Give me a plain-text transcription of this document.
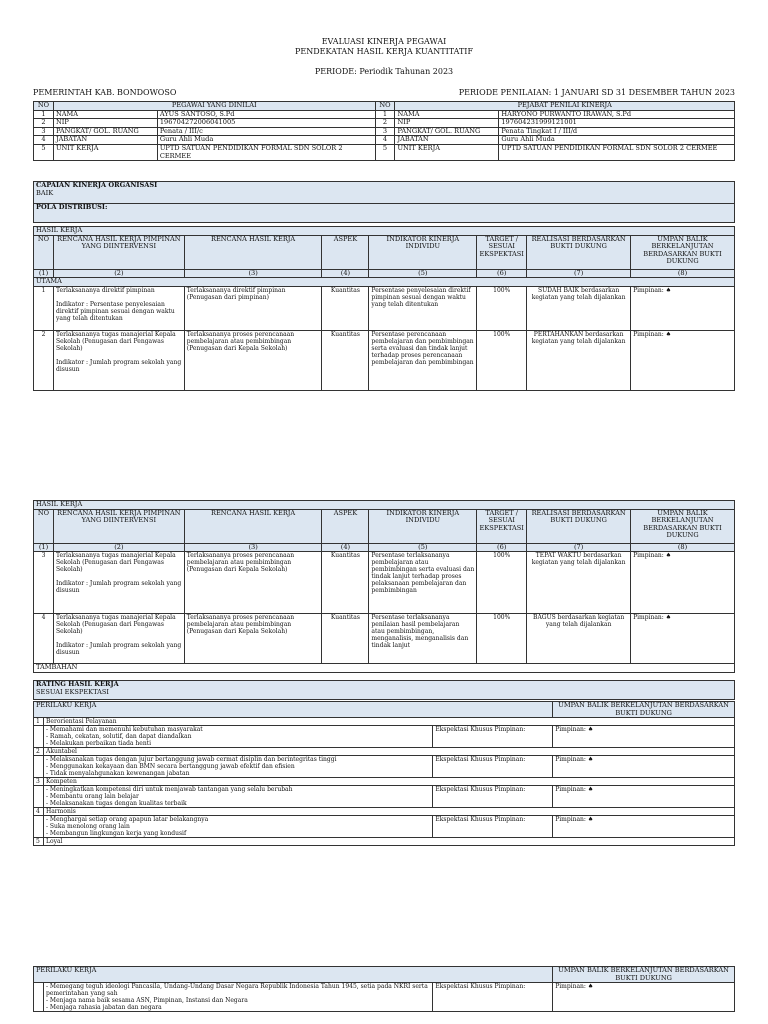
EVALUASI KINERJA PEGAWAI
PENDEKATAN HASIL KERJA KUANTITATIF
PERIODE: Periodik Tahunan 2023
PEMERINTAH KAB. BONDOWOSO	PERIODE PENILAIAN: 1 JANUARI SD 31 DESEMBER TAHUN 2023
NO	PEGAWAI YANG DINILAI		NO	PEJABAT PENILAI KINERJA	
1	NAMA	AYUS SANTOSO, S.Pd	1	NAMA	HARYONO PURWANTO IRAWAN, S.Pd
2	NIP	196704272006041005	2	NIP	197604231999121001
3	PANGKAT/ GOL. RUANG	Penata / III/c	3	PANGKAT/ GOL. RUANG	Penata Tingkat I / III/d
4	JABATAN	Guru Ahli Muda	4	JABATAN	Guru Ahli Muda
5	UNIT KERJA	UPTD SATUAN PENDIDIKAN FORMAL SDN SOLOR 2 CERMEE	5	UNIT KERJA	UPTD SATUAN PENDIDIKAN FORMAL SDN SOLOR 2 CERMEE
CAPAIAN KINERJA ORGANISASI
BAIK

POLA DISTRIBUSI:
HASIL KERJA							
NO	RENCANA HASIL KERJA PIMPINAN YANG DIINTERVENSI	RENCANA HASIL KERJA	ASPEK	INDIKATOR KINERJA INDIVIDU	TARGET / SESUAI EKSPEKTASI	REALISASI BERDASARKAN BUKTI DUKUNG	UMPAN BALIK BERKELANJUTAN BERDASARKAN BUKTI DUKUNG
(1)	(2)	(3)	(4)	(5)	(6)	(7)	(8)
UTAMA							
1	Terlaksananya direktif pimpinan
Indikator : Persentase penyelesaian direktif pimpinan sesuai dengan waktu yang telah ditentukan	Terlaksananya direktif pimpinan (Penugasan dari pimpinan)	Kuantitas	Persentase penyelesaian direktif pimpinan sesuai dengan waktu yang telah ditentukan	100%	SUDAH BAIK berdasarkan kegiatan yang telah dijalankan	Pimpinan: ♠
2	Terlaksananya tugas manajerial Kepala Sekolah (Penugasan dari Pengawas Sekolah)
Indikator : Jumlah program sekolah yang disusun	Terlaksananya proses perencanaan pembelajaran atau pembimbingan (Penugasan dari Kepala Sekolah)	Kuantitas	Persentase perencanaan pembelajaran dan pembimbingan serta evaluasi dan tindak lanjut terhadap proses perencanaan pembelajaran dan pembimbingan	100%	PERTAHANKAN berdasarkan kegiatan yang telah dijalankan	Pimpinan: ♠
HASIL KERJA							
NO	RENCANA HASIL KERJA PIMPINAN YANG DIINTERVENSI	RENCANA HASIL KERJA	ASPEK	INDIKATOR KINERJA INDIVIDU	TARGET / SESUAI EKSPEKTASI	REALISASI BERDASARKAN BUKTI DUKUNG	UMPAN BALIK BERKELANJUTAN BERDASARKAN BUKTI DUKUNG
(1)	(2)	(3)	(4)	(5)	(6)	(7)	(8)
3	Terlaksananya tugas manajerial Kepala Sekolah (Penugasan dari Pengawas Sekolah)
Indikator : Jumlah program sekolah yang disusun	Terlaksananya proses perencanaan pembelajaran atau pembimbingan (Penugasan dari Kepala Sekolah)	Kuantitas	Persentase terlaksananya pembelajaran atau pembimbingan serta evaluasi dan tindak lanjut terhadap proses pelaksanaan pembelajaran dan pembimbingan	100%	TEPAT WAKTU berdasarkan kegiatan yang telah dijalankan	Pimpinan: ♠
4	Terlaksananya tugas manajerial Kepala Sekolah (Penugasan dari Pengawas Sekolah)
Indikator : Jumlah program sekolah yang disusun	Terlaksananya proses perencanaan pembelajaran atau pembimbingan (Penugasan dari Kepala Sekolah)	Kuantitas	Persentase terlaksananya penilaian hasil pembelajaran atau pembimbingan, menganalisis, menganalisis dan tindak lanjut	100%	BAGUS berdasarkan kegiatan yang telah dijalankan	Pimpinan: ♠
TAMBAHAN							
RATING HASIL KERJA
SESUAI EKSPEKTASI
PERILAKU KERJA			UMPAN BALIK BERKELANJUTAN BERDASARKAN BUKTI DUKUNG
1	Berorientasi Pelayanan		

	- Memahami dan memenuhi kebutuhan masyarakat
- Ramah, cekatan, solutif, dan dapat diandalkan
- Melakukan perbaikan tiada henti	Ekspektasi Khusus Pimpinan:	Pimpinan: ♠
2	Akuntabel		

	- Melaksanakan tugas dengan jujur bertanggung jawab cermat disiplin dan berintegritas tinggi
- Menggunakan kekayaan dan BMN secara bertanggung jawab efektif dan efisien
- Tidak menyalahgunakan kewenangan jabatan	Ekspektasi Khusus Pimpinan:	Pimpinan: ♠
3	Kompeten		

	- Meningkatkan kompetensi diri untuk menjawab tantangan yang selalu berubah
- Membantu orang lain belajar
- Melaksanakan tugas dengan kualitas terbaik	Ekspektasi Khusus Pimpinan:	Pimpinan: ♠
4	Harmonis		

	- Menghargai setiap orang apapun latar belakangnya
- Suka menolong orang lain
- Membangun lingkungan kerja yang kondusif	Ekspektasi Khusus Pimpinan:	Pimpinan: ♠
5	Loyal		
PERILAKU KERJA			UMPAN BALIK BERKELANJUTAN BERDASARKAN BUKTI DUKUNG

	- Memegang teguh ideologi Pancasila, Undang-Undang Dasar Negara Republik Indonesia Tahun 1945, setia pada NKRI serta pemerintahan yang sah
- Menjaga nama baik sesama ASN, Pimpinan, Instansi dan Negara
- Menjaga rahasia jabatan dan negara	Ekspektasi Khusus Pimpinan:	Pimpinan: ♠
